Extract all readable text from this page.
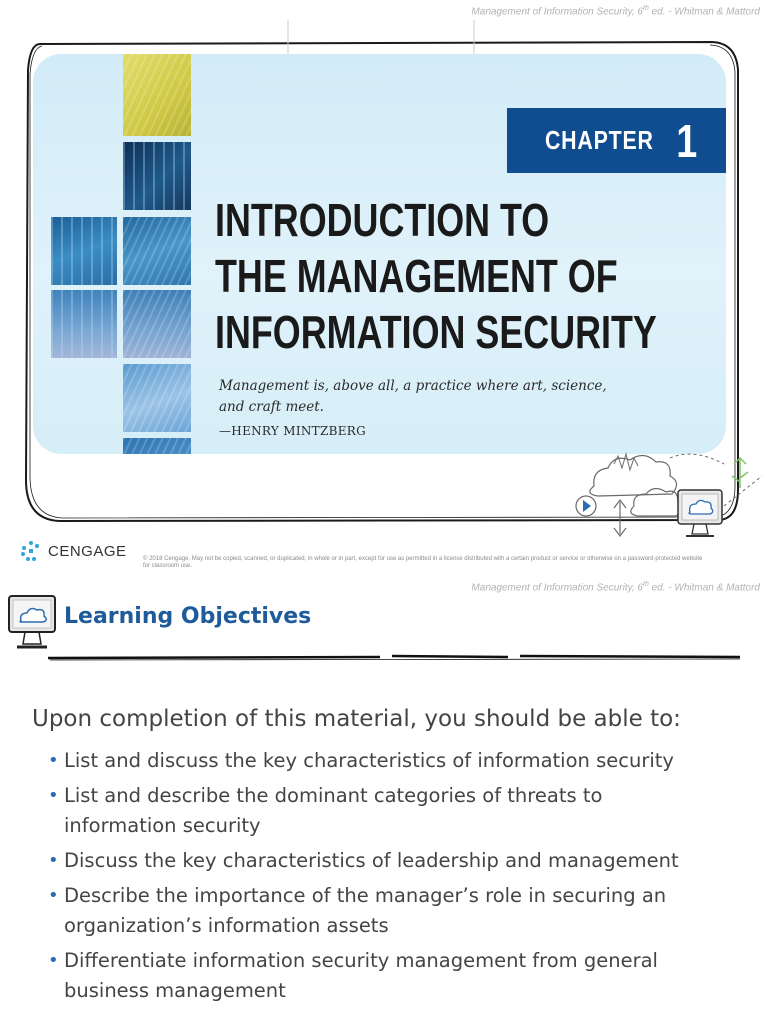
Management of Information Security, 6th ed. - Whitman & Mattord
CHAPTER 1
INTRODUCTION TO
THE MANAGEMENT OF
INFORMATION SECURITY
Management is, above all, a practice where art, science,
and craft meet.
—HENRY MINTZBERG
CENGAGE	© 2018 Cengage. May not be copied, scanned, or duplicated, in whole or in part, except for use as permitted in a license distributed with a certain product or service or otherwise on a password-protected website for classroom use.
Management of Information Security, 6th ed. - Whitman & Mattord
Learning Objectives
Upon completion of this material, you should be able to:
• List and discuss the key characteristics of information security
• List and describe the dominant categories of threats to
information security
• Discuss the key characteristics of leadership and management
• Describe the importance of the manager’s role in securing an
organization’s information assets
• Differentiate information security management from general
business management
